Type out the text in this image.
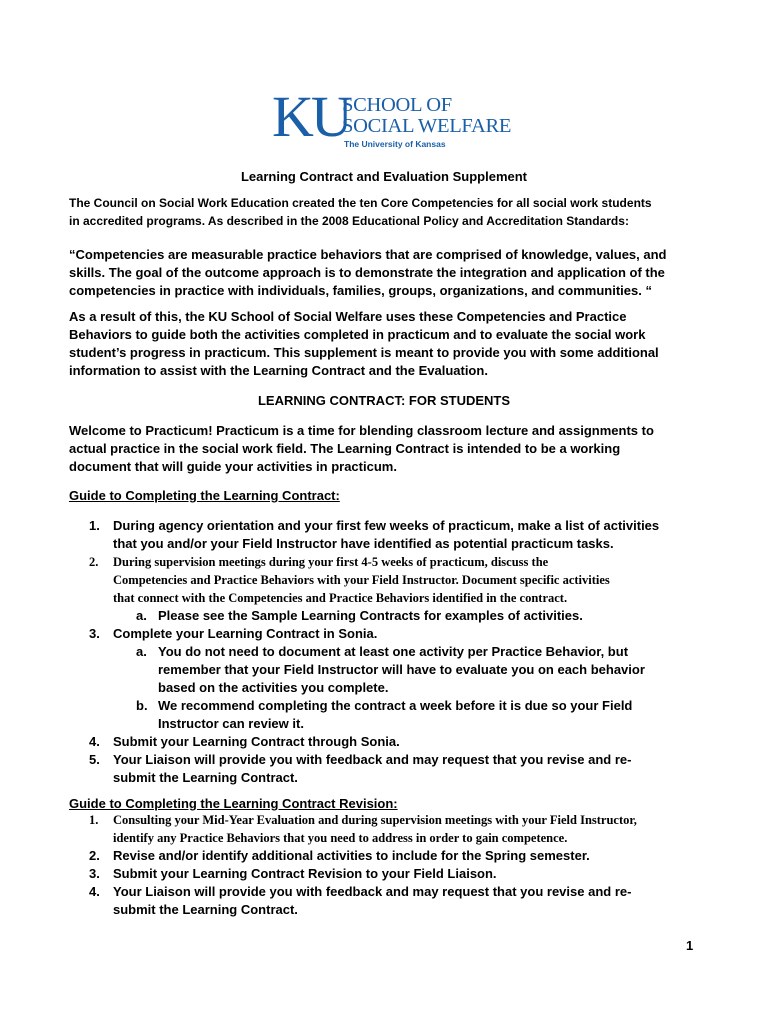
KU
SCHOOL OF
SOCIAL WELFARE
The University of Kansas
Learning Contract and Evaluation Supplement
The Council on Social Work Education created the ten Core Competencies for all social work students
in accredited programs. As described in the 2008 Educational Policy and Accreditation Standards:
“Competencies are measurable practice behaviors that are comprised of knowledge, values, and
skills. The goal of the outcome approach is to demonstrate the integration and application of the
competencies in practice with individuals, families, groups, organizations, and communities. “
As a result of this, the KU School of Social Welfare uses these Competencies and Practice
Behaviors to guide both the activities completed in practicum and to evaluate the social work
student’s progress in practicum. This supplement is meant to provide you with some additional
information to assist with the Learning Contract and the Evaluation.
LEARNING CONTRACT: FOR STUDENTS
Welcome to Practicum! Practicum is a time for blending classroom lecture and assignments to
actual practice in the social work field. The Learning Contract is intended to be a working
document that will guide your activities in practicum.
Guide to Completing the Learning Contract:
1. During agency orientation and your first few weeks of practicum, make a list of activities
that you and/or your Field Instructor have identified as potential practicum tasks.
2. During supervision meetings during your first 4-5 weeks of practicum, discuss the
Competencies and Practice Behaviors with your Field Instructor. Document specific activities
that connect with the Competencies and Practice Behaviors identified in the contract.
a. Please see the Sample Learning Contracts for examples of activities.
3. Complete your Learning Contract in Sonia.
a. You do not need to document at least one activity per Practice Behavior, but
remember that your Field Instructor will have to evaluate you on each behavior
based on the activities you complete.
b. We recommend completing the contract a week before it is due so your Field
Instructor can review it.
4. Submit your Learning Contract through Sonia.
5. Your Liaison will provide you with feedback and may request that you revise and re-
submit the Learning Contract.
Guide to Completing the Learning Contract Revision:
1. Consulting your Mid-Year Evaluation and during supervision meetings with your Field Instructor,
identify any Practice Behaviors that you need to address in order to gain competence.
2. Revise and/or identify additional activities to include for the Spring semester.
3. Submit your Learning Contract Revision to your Field Liaison.
4. Your Liaison will provide you with feedback and may request that you revise and re-
submit the Learning Contract.
1
